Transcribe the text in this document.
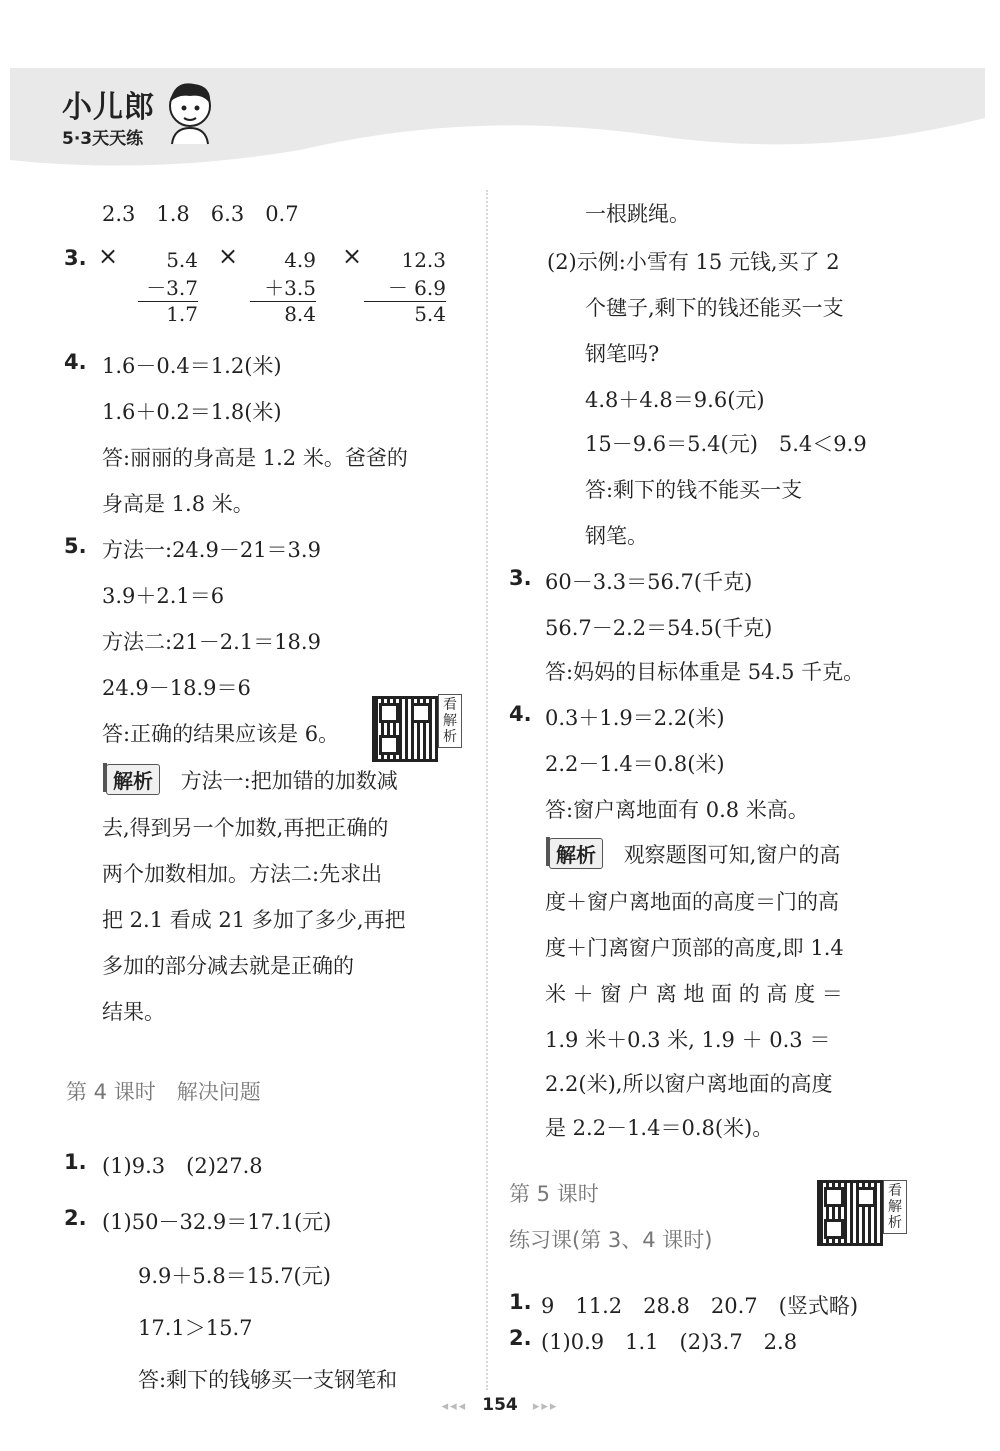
小儿郎
5·3天天练
2.3　1.8　6.3　0.7
3. ×	5.4
－3.7
1.7
×	4.9
＋3.5
8.4
×	12.3
－ 6.9
5.4
4. 1.6－0.4＝1.2(米)
1.6＋0.2＝1.8(米)
答:丽丽的身高是 1.2 米。爸爸的
身高是 1.8 米。
5. 方法一:24.9－21＝3.9
3.9＋2.1＝6
方法二:21－2.1＝18.9
24.9－18.9＝6
答:正确的结果应该是 6。
解析 方法一:把加错的加数减
去,得到另一个加数,再把正确的
两个加数相加。方法二:先求出
把 2.1 看成 21 多加了多少,再把
多加的部分减去就是正确的
结果。
第 4 课时　解决问题
看解析
1. (1)9.3　(2)27.8
2. (1)50－32.9＝17.1(元)
9.9＋5.8＝15.7(元)
17.1＞15.7
答:剩下的钱够买一支钢笔和
一根跳绳。
(2)示例:小雪有 15 元钱,买了 2
个毽子,剩下的钱还能买一支
钢笔吗?
4.8＋4.8＝9.6(元)
15－9.6＝5.4(元)　5.4＜9.9
答:剩下的钱不能买一支
钢笔。
3. 60－3.3＝56.7(千克)
56.7－2.2＝54.5(千克)
答:妈妈的目标体重是 54.5 千克。
4. 0.3＋1.9＝2.2(米)
2.2－1.4＝0.8(米)
答:窗户离地面有 0.8 米高。
解析 观察题图可知,窗户的高
度＋窗户离地面的高度＝门的高
度＋门离窗户顶部的高度,即 1.4
米 ＋ 窗 户 离 地 面 的 高 度 ＝
1.9 米＋0.3 米, 1.9 ＋ 0.3 ＝
2.2(米),所以窗户离地面的高度
是 2.2－1.4＝0.8(米)。
第 5 课时
练习课(第 3、4 课时)
看解析
1. 9　11.2　28.8　20.7　(竖式略)
2. (1)0.9　1.1　(2)3.7　2.8
◂◂◂ 154 ▸▸▸
